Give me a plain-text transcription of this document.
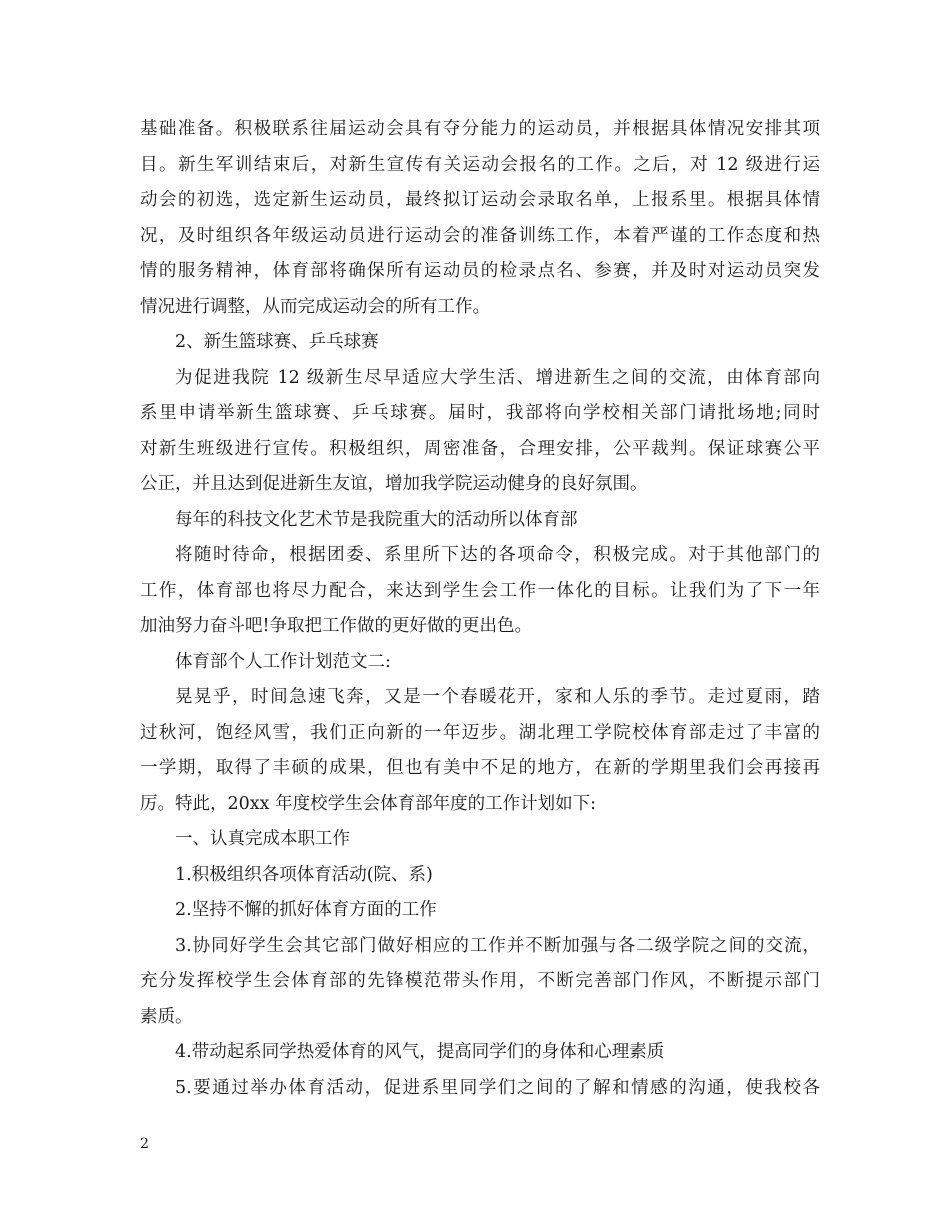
基础准备。积极联系往届运动会具有夺分能力的运动员，并根据具体情况安排其项
目。新生军训结束后，对新生宣传有关运动会报名的工作。之后，对 12 级进行运
动会的初选，选定新生运动员，最终拟订运动会录取名单，上报系里。根据具体情
况，及时组织各年级运动员进行运动会的准备训练工作，本着严谨的工作态度和热
情的服务精神，体育部将确保所有运动员的检录点名、参赛，并及时对运动员突发
情况进行调整，从而完成运动会的所有工作。
2、新生篮球赛、乒乓球赛
为促进我院 12 级新生尽早适应大学生活、增进新生之间的交流，由体育部向
系里申请举新生篮球赛、乒乓球赛。届时，我部将向学校相关部门请批场地;同时
对新生班级进行宣传。积极组织，周密准备，合理安排，公平裁判。保证球赛公平
公正，并且达到促进新生友谊，增加我学院运动健身的良好氛围。
每年的科技文化艺术节是我院重大的活动所以体育部
将随时待命，根据团委、系里所下达的各项命令，积极完成。对于其他部门的
工作，体育部也将尽力配合，来达到学生会工作一体化的目标。让我们为了下一年
加油努力奋斗吧!争取把工作做的更好做的更出色。
体育部个人工作计划范文二:
晃晃乎，时间急速飞奔，又是一个春暖花开，家和人乐的季节。走过夏雨，踏
过秋河，饱经风雪，我们正向新的一年迈步。湖北理工学院校体育部走过了丰富的
一学期，取得了丰硕的成果，但也有美中不足的地方，在新的学期里我们会再接再
厉。特此，20xx 年度校学生会体育部年度的工作计划如下:
一、认真完成本职工作
1.积极组织各项体育活动(院、系)
2.坚持不懈的抓好体育方面的工作
3.协同好学生会其它部门做好相应的工作并不断加强与各二级学院之间的交流，
充分发挥校学生会体育部的先锋模范带头作用，不断完善部门作风，不断提示部门
素质。
4.带动起系同学热爱体育的风气，提高同学们的身体和心理素质
5.要通过举办体育活动，促进系里同学们之间的了解和情感的沟通，使我校各
2
